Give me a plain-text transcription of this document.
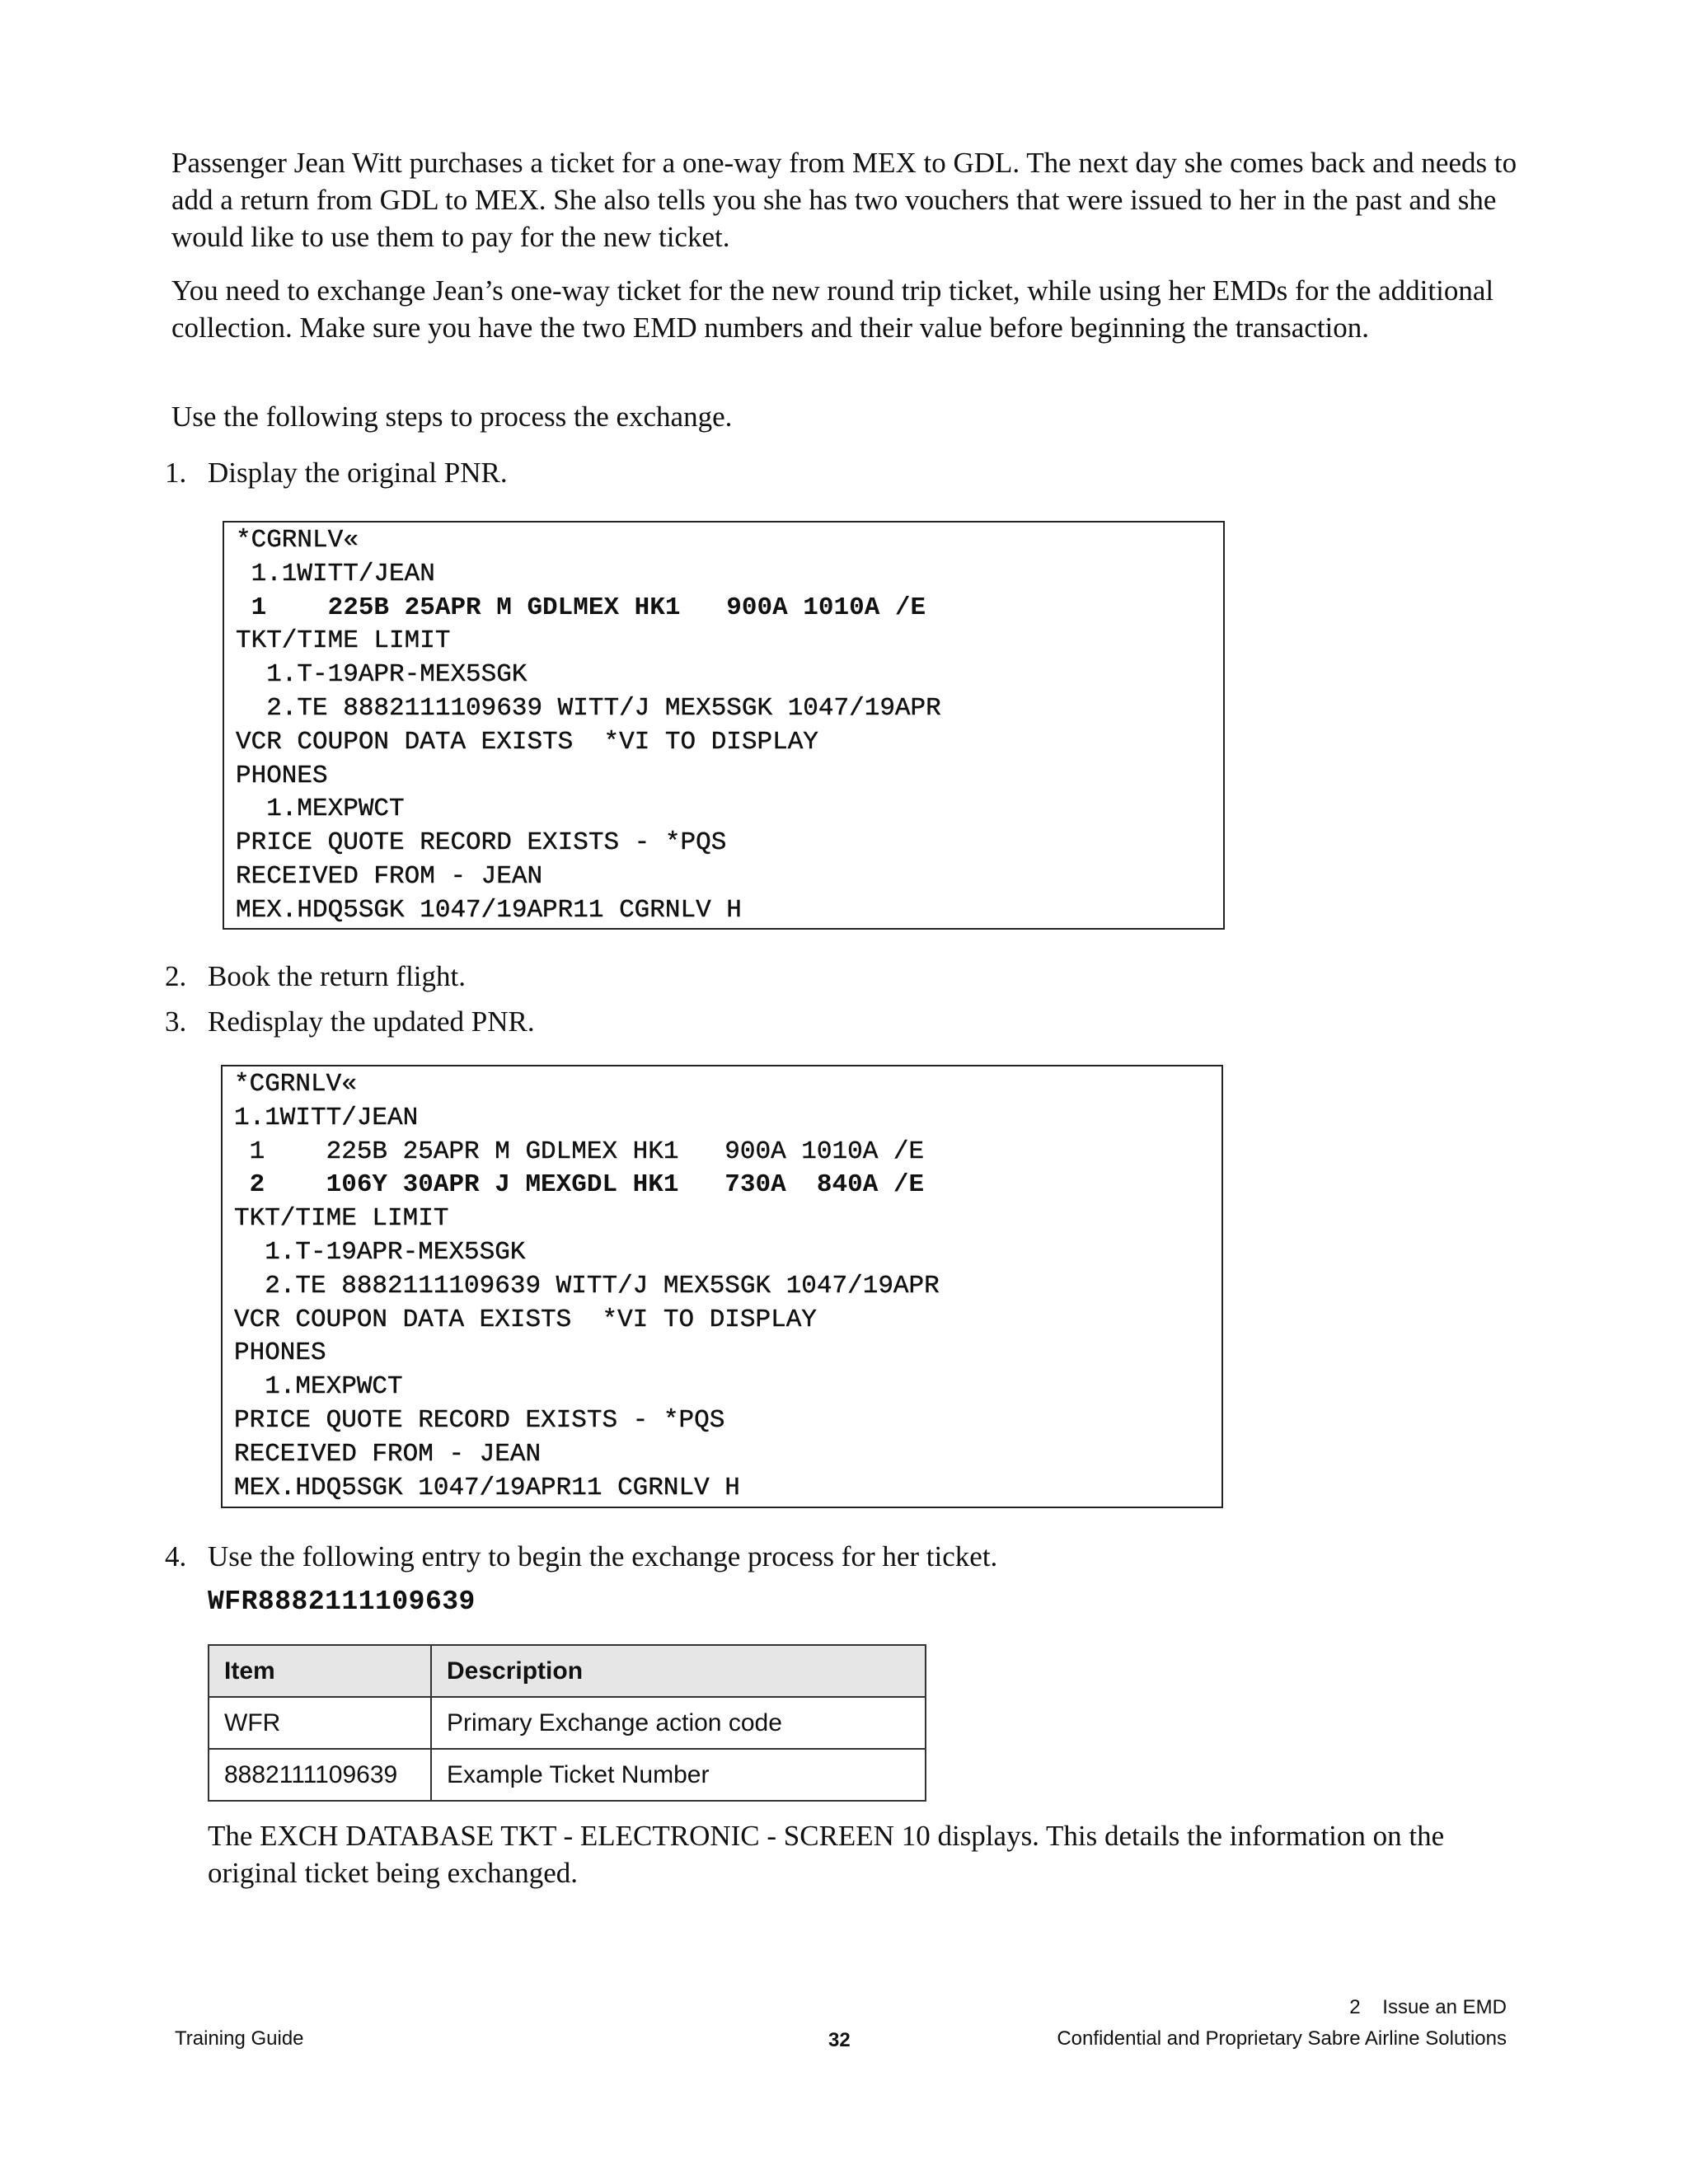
Passenger Jean Witt purchases a ticket for a one-way from MEX to GDL. The next day she comes back and needs to add a return from GDL to MEX. She also tells you she has two vouchers that were issued to her in the past and she would like to use them to pay for the new ticket.

You need to exchange Jean’s one-way ticket for the new round trip ticket, while using her EMDs for the additional collection. Make sure you have the two EMD numbers and their value before beginning the transaction.

Use the following steps to process the exchange.

1. Display the original PNR.
*CGRNLV«
1.1WITT/JEAN
1    225B 25APR M GDLMEX HK1   900A 1010A /E
TKT/TIME LIMIT
1.T-19APR-MEX5SGK
2.TE 8882111109639 WITT/J MEX5SGK 1047/19APR
VCR COUPON DATA EXISTS  *VI TO DISPLAY
PHONES
1.MEXPWCT
PRICE QUOTE RECORD EXISTS - *PQS
RECEIVED FROM - JEAN
MEX.HDQ5SGK 1047/19APR11 CGRNLV H
2. Book the return flight.
3. Redisplay the updated PNR.
*CGRNLV«
1.1WITT/JEAN
1    225B 25APR M GDLMEX HK1   900A 1010A /E
2    106Y 30APR J MEXGDL HK1   730A  840A /E
TKT/TIME LIMIT
1.T-19APR-MEX5SGK
2.TE 8882111109639 WITT/J MEX5SGK 1047/19APR
VCR COUPON DATA EXISTS  *VI TO DISPLAY
PHONES
1.MEXPWCT
PRICE QUOTE RECORD EXISTS - *PQS
RECEIVED FROM - JEAN
MEX.HDQ5SGK 1047/19APR11 CGRNLV H
4. Use the following entry to begin the exchange process for her ticket.
WFR8882111109639
Item	Description
WFR	Primary Exchange action code
8882111109639	Example Ticket Number

The EXCH DATABASE TKT - ELECTRONIC - SCREEN 10 displays. This details the information on the original ticket being exchanged.

2    Issue an EMD
Training Guide	32	Confidential and Proprietary Sabre Airline Solutions
